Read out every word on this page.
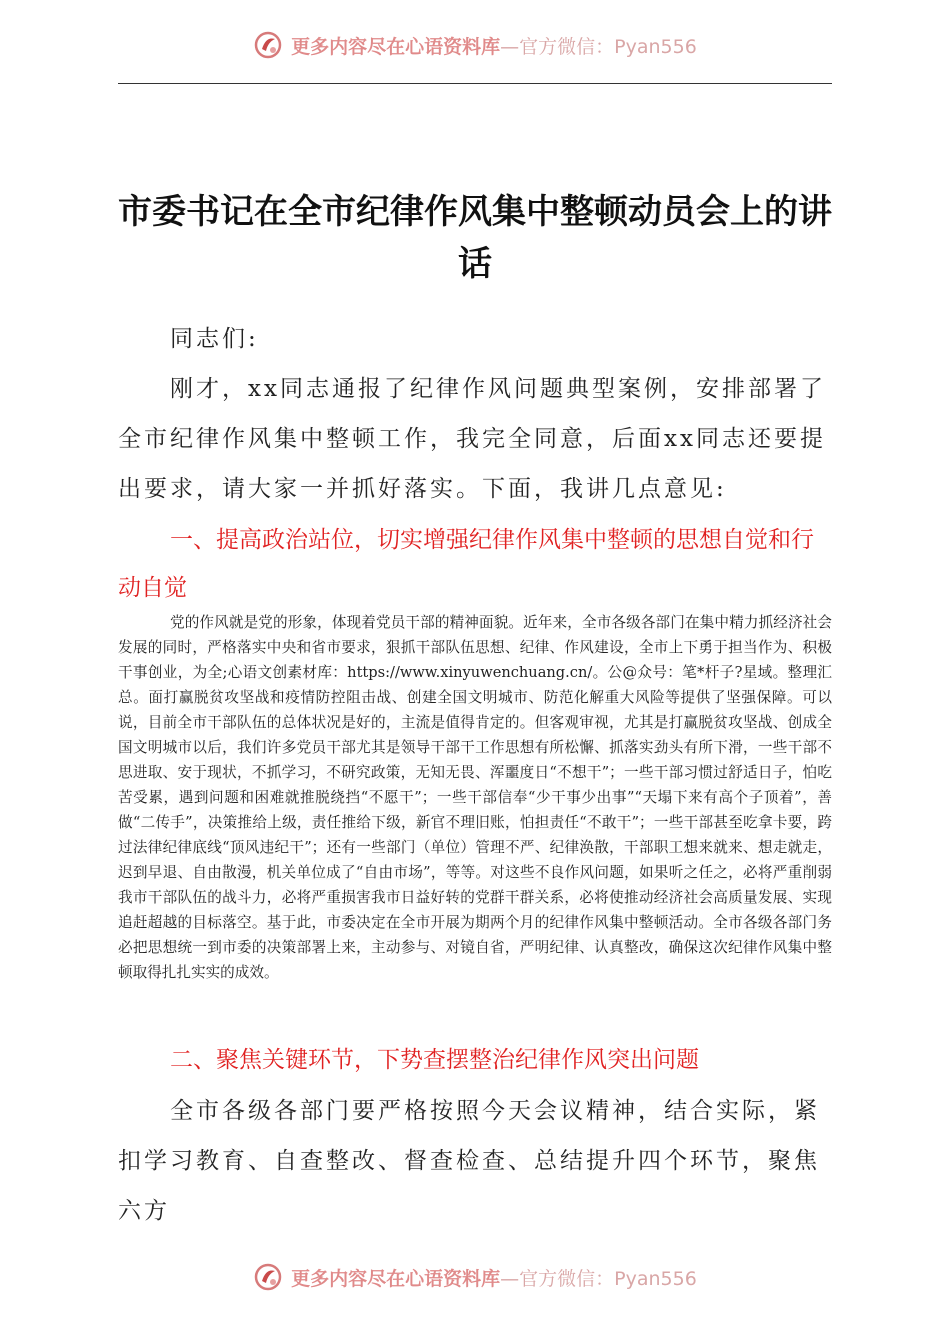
更多内容尽在心语资料库—官方微信：Pyan556
市委书记在全市纪律作风集中整顿动员会上的讲话

同志们:

刚才，xx同志通报了纪律作风问题典型案例，安排部署了全市纪律作风集中整顿工作，我完全同意，后面xx同志还要提出要求，请大家一并抓好落实。下面，我讲几点意见:

一、提高政治站位，切实增强纪律作风集中整顿的思想自觉和行动自觉

党的作风就是党的形象，体现着党员干部的精神面貌。近年来，全市各级各部门在集中精力抓经济社会发展的同时，严格落实中央和省市要求，狠抓干部队伍思想、纪律、作风建设，全市上下勇于担当作为、积极干事创业，为全;心语文创素材库：https://www.xinyuwenchuang.cn/。公@众号：笔*杆子?星域。整理汇总。面打赢脱贫攻坚战和疫情防控阻击战、创建全国文明城市、防范化解重大风险等提供了坚强保障。可以说，目前全市干部队伍的总体状况是好的，主流是值得肯定的。但客观审视，尤其是打赢脱贫攻坚战、创成全国文明城市以后，我们许多党员干部尤其是领导干部干工作思想有所松懈、抓落实劲头有所下滑，一些干部不思进取、安于现状，不抓学习，不研究政策，无知无畏、浑噩度日“不想干”；一些干部习惯过舒适日子，怕吃苦受累，遇到问题和困难就推脱绕挡“不愿干”；一些干部信奉“少干事少出事”“天塌下来有高个子顶着”，善做“二传手”，决策推给上级，责任推给下级，新官不理旧账，怕担责任“不敢干”；一些干部甚至吃拿卡要，跨过法律纪律底线“顶风违纪干”；还有一些部门（单位）管理不严、纪律涣散，干部职工想来就来、想走就走，迟到早退、自由散漫，机关单位成了“自由市场”，等等。对这些不良作风问题，如果听之任之，必将严重削弱我市干部队伍的战斗力，必将严重损害我市日益好转的党群干群关系，必将使推动经济社会高质量发展、实现追赶超越的目标落空。基于此，市委决定在全市开展为期两个月的纪律作风集中整顿活动。全市各级各部门务必把思想统一到市委的决策部署上来，主动参与、对镜自省，严明纪律、认真整改，确保这次纪律作风集中整顿取得扎扎实实的成效。

二、聚焦关键环节，下势查摆整治纪律作风突出问题

全市各级各部门要严格按照今天会议精神，结合实际，紧扣学习教育、自查整改、督查检查、总结提升四个环节，聚焦六方

更多内容尽在心语资料库—官方微信：Pyan556
